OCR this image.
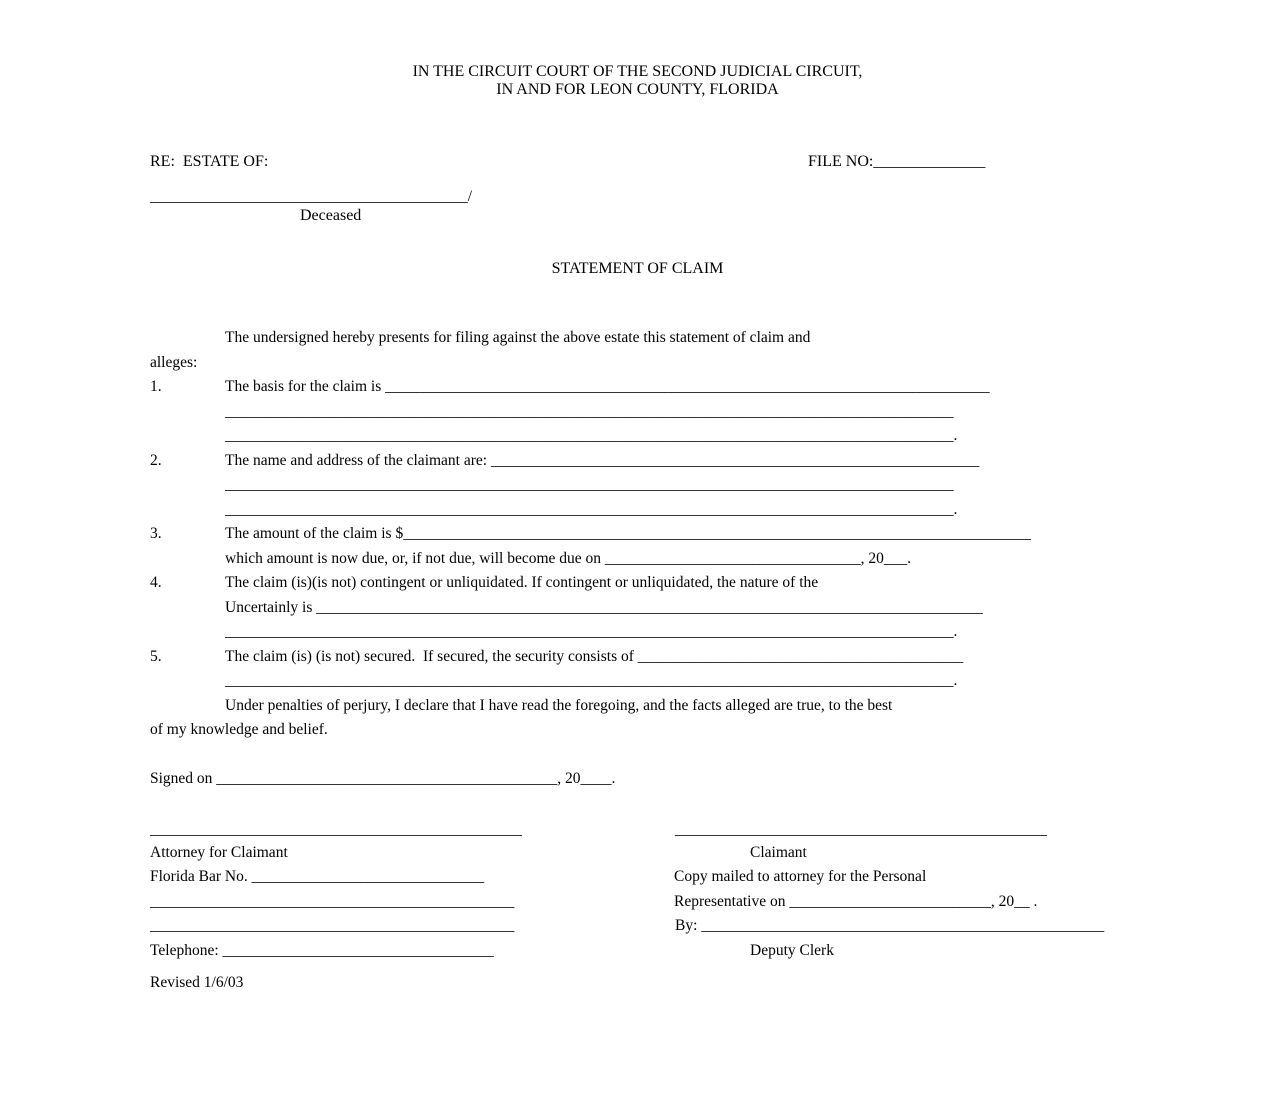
IN THE CIRCUIT COURT OF THE SECOND JUDICIAL CIRCUIT,
IN AND FOR LEON COUNTY, FLORIDA
RE:  ESTATE OF:	FILE NO:______________
_________________________________________/
Deceased
STATEMENT OF CLAIM
The undersigned hereby presents for filing against the above estate this statement of claim and
alleges:
1.	The basis for the claim is ______________________________________________________________________________
______________________________________________________________________________________________
______________________________________________________________________________________________.
2.	The name and address of the claimant are: _______________________________________________________________
______________________________________________________________________________________________
______________________________________________________________________________________________.
3.	The amount of the claim is $_________________________________________________________________________________
which amount is now due, or, if not due, will become due on _________________________________, 20___.
4.	The claim (is)(is not) contingent or unliquidated. If contingent or unliquidated, the nature of the
Uncertainly is ______________________________________________________________________________________
______________________________________________________________________________________________.
5.	The claim (is) (is not) secured.  If secured, the security consists of __________________________________________
______________________________________________________________________________________________.
Under penalties of perjury, I declare that I have read the foregoing, and the facts alleged are true, to the best
of my knowledge and belief.
Signed on ____________________________________________, 20____.
________________________________________________
Attorney for Claimant
Florida Bar No. ______________________________
_______________________________________________
_______________________________________________
Telephone: ___________________________________
________________________________________________
Claimant
Copy mailed to attorney for the Personal
Representative on __________________________, 20__ .
By: ____________________________________________________
Deputy Clerk
Revised 1/6/03
